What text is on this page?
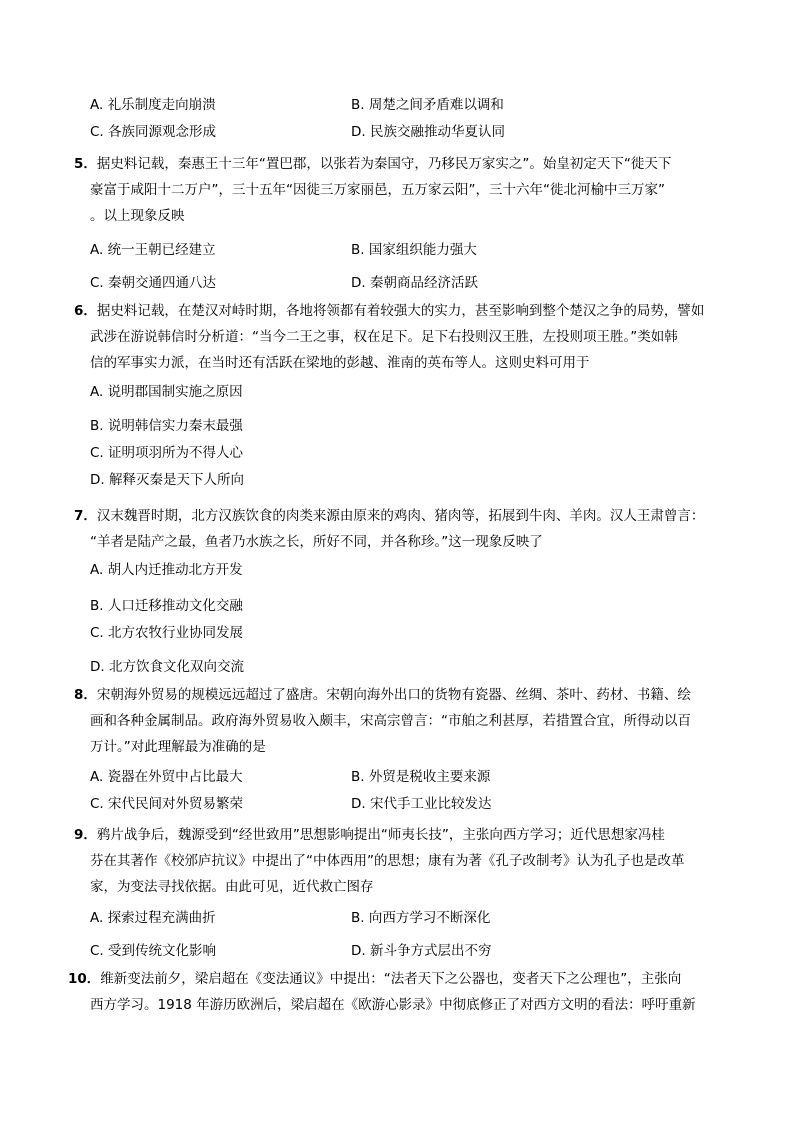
A. 礼乐制度走向崩溃	B. 周楚之间矛盾难以调和
C. 各族同源观念形成	D. 民族交融推动华夏认同
5．据史料记载，秦惠王十三年“置巴郡，以张若为秦国守，乃移民万家实之”。始皇初定天下“徙天下
豪富于咸阳十二万户”，三十五年“因徙三万家丽邑，五万家云阳”，三十六年“徙北河榆中三万家”
。以上现象反映
A. 统一王朝已经建立	B. 国家组织能力强大
C. 秦朝交通四通八达	D. 秦朝商品经济活跃
6．据史料记载，在楚汉对峙时期，各地将领都有着较强大的实力，甚至影响到整个楚汉之争的局势，譬如
武涉在游说韩信时分析道：“当今二王之事，权在足下。足下右投则汉王胜，左投则项王胜。”类如韩
信的军事实力派，在当时还有活跃在梁地的彭越、淮南的英布等人。这则史料可用于
A. 说明郡国制实施之原因
B. 说明韩信实力秦末最强
C. 证明项羽所为不得人心
D. 解释灭秦是天下人所向
7．汉末魏晋时期，北方汉族饮食的肉类来源由原来的鸡肉、猪肉等，拓展到牛肉、羊肉。汉人王肃曾言：
“羊者是陆产之最，鱼者乃水族之长，所好不同，并各称珍。”这一现象反映了
A. 胡人内迁推动北方开发
B. 人口迁移推动文化交融
C. 北方农牧行业协同发展
D. 北方饮食文化双向交流
8．宋朝海外贸易的规模远远超过了盛唐。宋朝向海外出口的货物有瓷器、丝绸、茶叶、药材、书籍、绘
画和各种金属制品。政府海外贸易收入颇丰，宋高宗曾言：“市舶之利甚厚，若措置合宜，所得动以百
万计。”对此理解最为准确的是
A. 瓷器在外贸中占比最大	B. 外贸是税收主要来源
C. 宋代民间对外贸易繁荣	D. 宋代手工业比较发达
9．鸦片战争后，魏源受到“经世致用”思想影响提出“师夷长技”，主张向西方学习；近代思想家冯桂
芬在其著作《校邠庐抗议》中提出了“中体西用”的思想；康有为著《孔子改制考》认为孔子也是改革
家，为变法寻找依据。由此可见，近代救亡图存
A. 探索过程充满曲折	B. 向西方学习不断深化
C. 受到传统文化影响	D. 新斗争方式层出不穷
10．维新变法前夕，梁启超在《变法通议》中提出：“法者天下之公器也，变者天下之公理也”，主张向
西方学习。1918 年游历欧洲后，梁启超在《欧游心影录》中彻底修正了对西方文明的看法：呼吁重新
